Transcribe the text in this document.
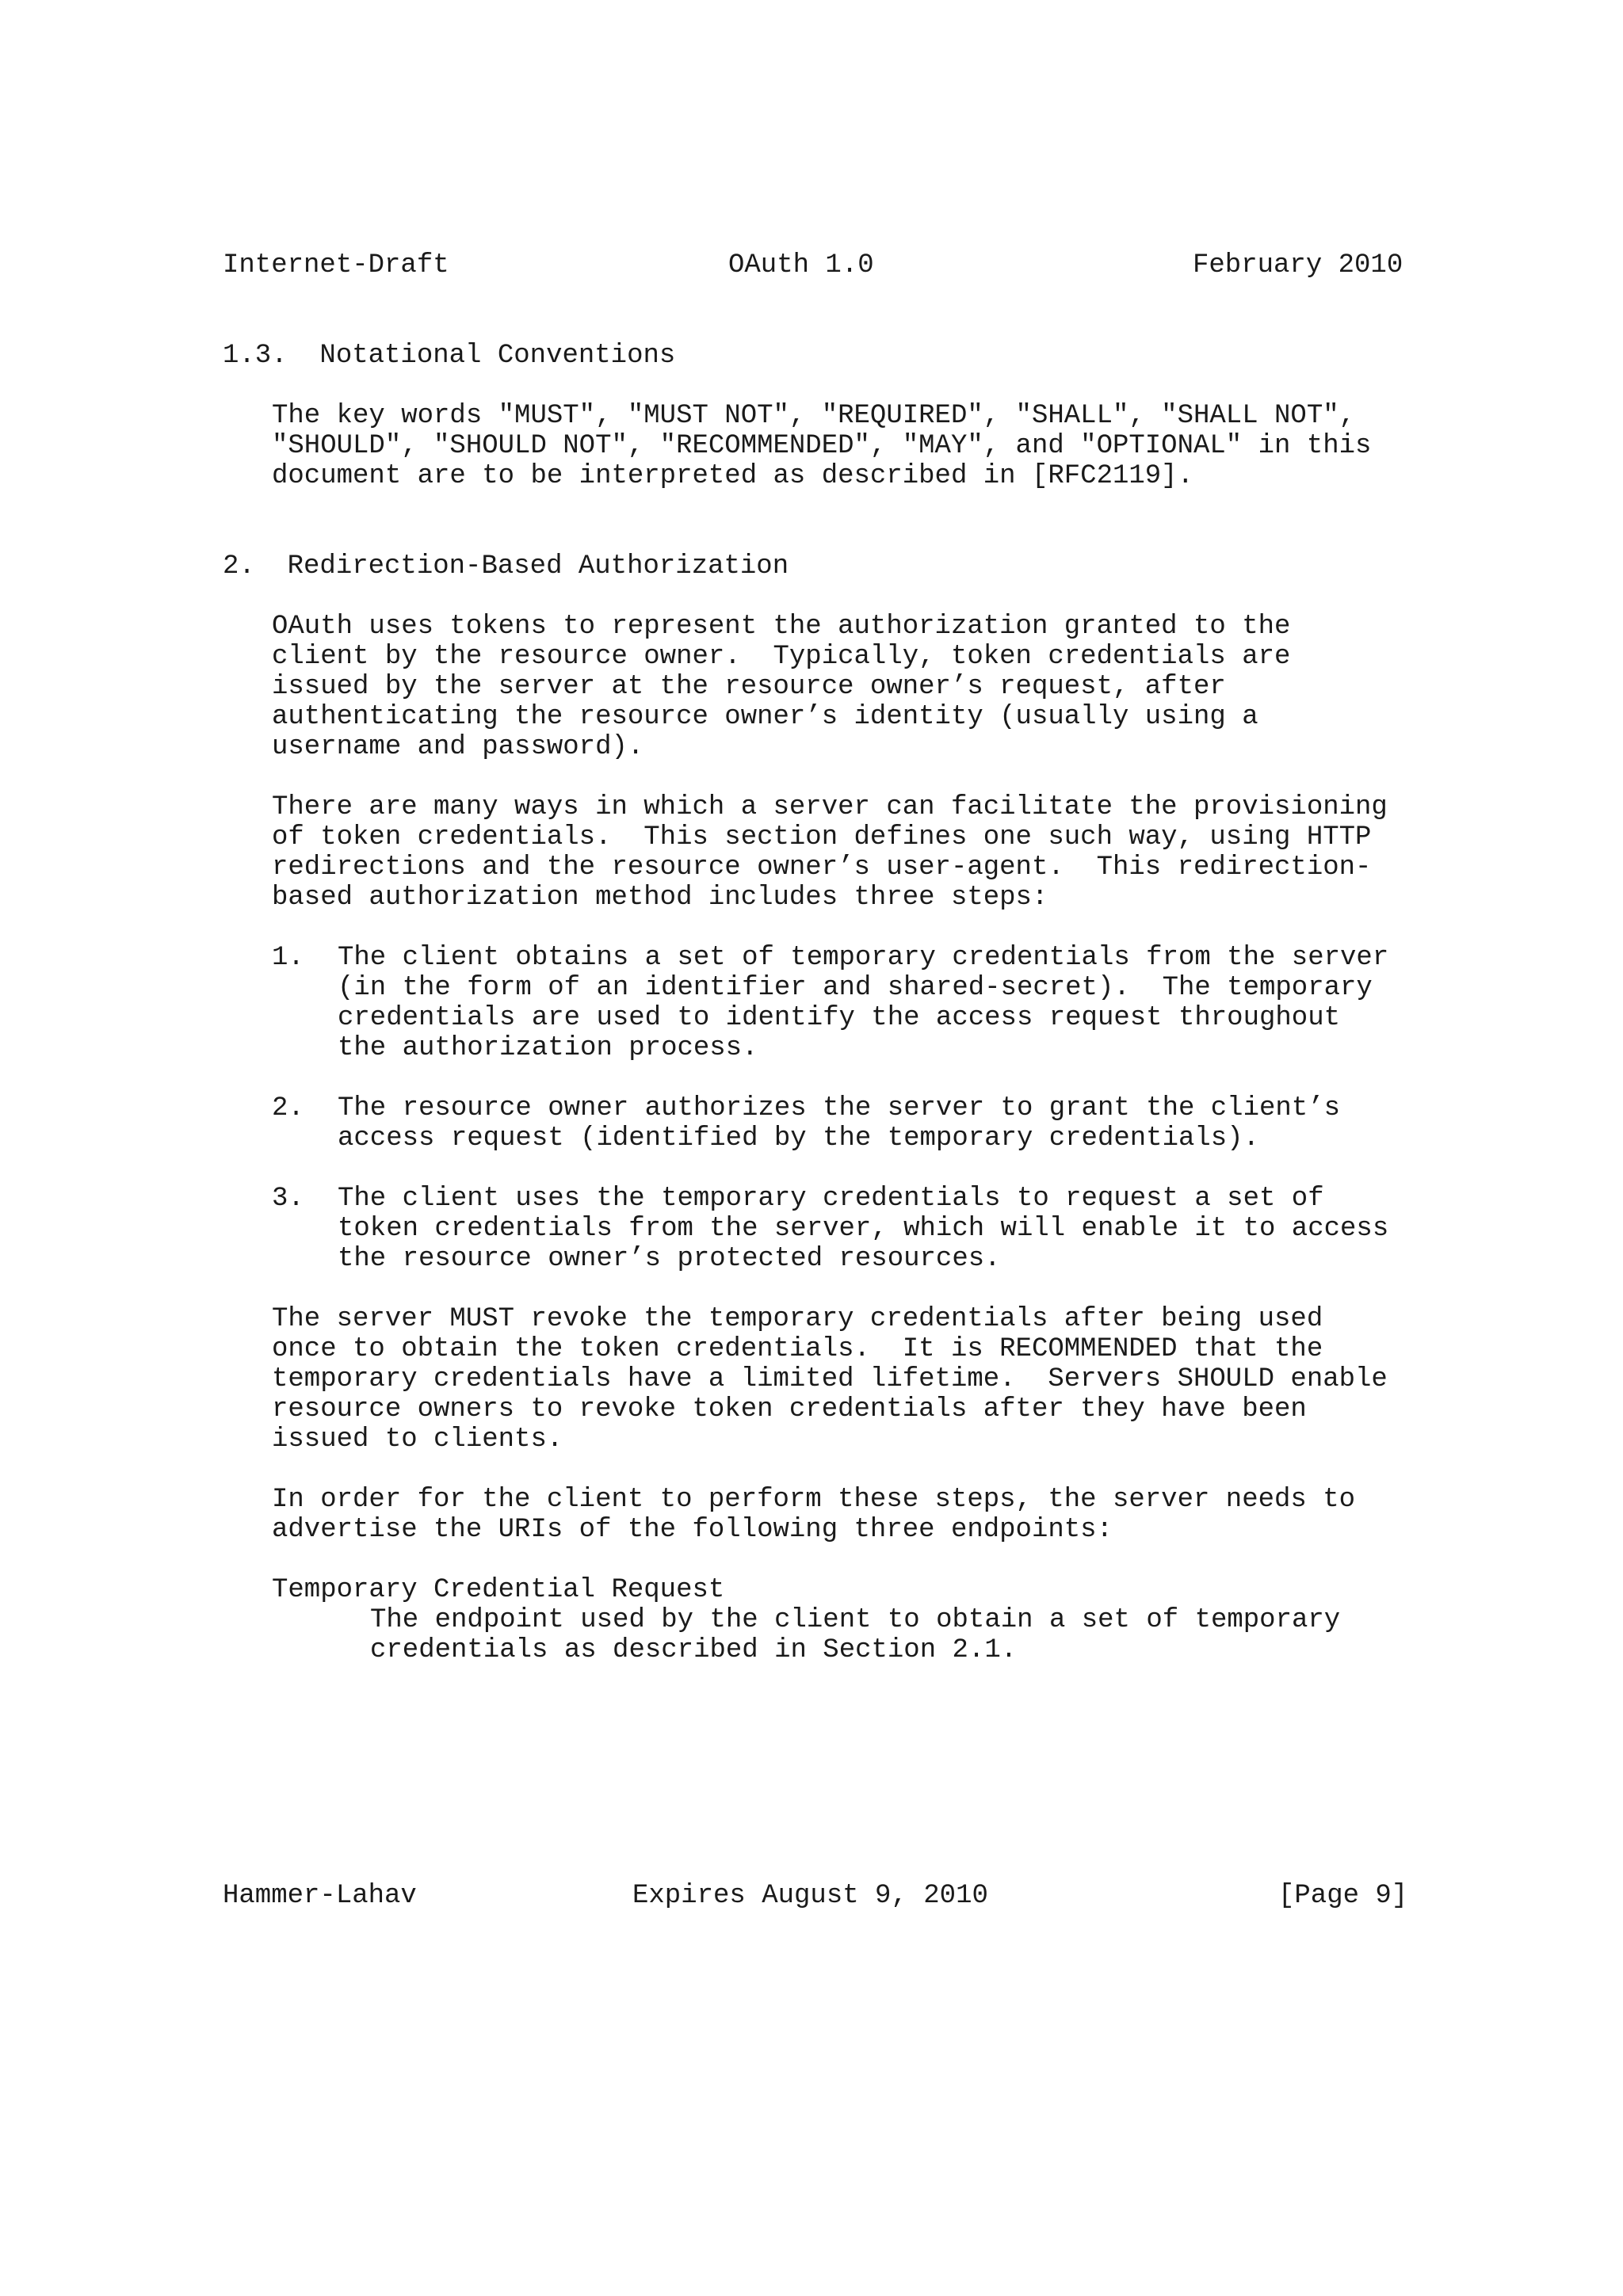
Internet-Draft	OAuth 1.0	February 2010
1.3.  Notational Conventions
The key words "MUST", "MUST NOT", "REQUIRED", "SHALL", "SHALL NOT",
"SHOULD", "SHOULD NOT", "RECOMMENDED", "MAY", and "OPTIONAL" in this
document are to be interpreted as described in [RFC2119].
2.  Redirection-Based Authorization
OAuth uses tokens to represent the authorization granted to the
client by the resource owner.  Typically, token credentials are
issued by the server at the resource owner’s request, after
authenticating the resource owner’s identity (usually using a
username and password).
There are many ways in which a server can facilitate the provisioning
of token credentials.  This section defines one such way, using HTTP
redirections and the resource owner’s user-agent.  This redirection-
based authorization method includes three steps:
1. The client obtains a set of temporary credentials from the server
(in the form of an identifier and shared-secret).  The temporary
credentials are used to identify the access request throughout
the authorization process.
2. The resource owner authorizes the server to grant the client’s
access request (identified by the temporary credentials).
3. The client uses the temporary credentials to request a set of
token credentials from the server, which will enable it to access
the resource owner’s protected resources.
The server MUST revoke the temporary credentials after being used
once to obtain the token credentials.  It is RECOMMENDED that the
temporary credentials have a limited lifetime.  Servers SHOULD enable
resource owners to revoke token credentials after they have been
issued to clients.
In order for the client to perform these steps, the server needs to
advertise the URIs of the following three endpoints:
Temporary Credential Request
The endpoint used by the client to obtain a set of temporary
credentials as described in Section 2.1.
Hammer-Lahav	Expires August 9, 2010	[Page 9]
